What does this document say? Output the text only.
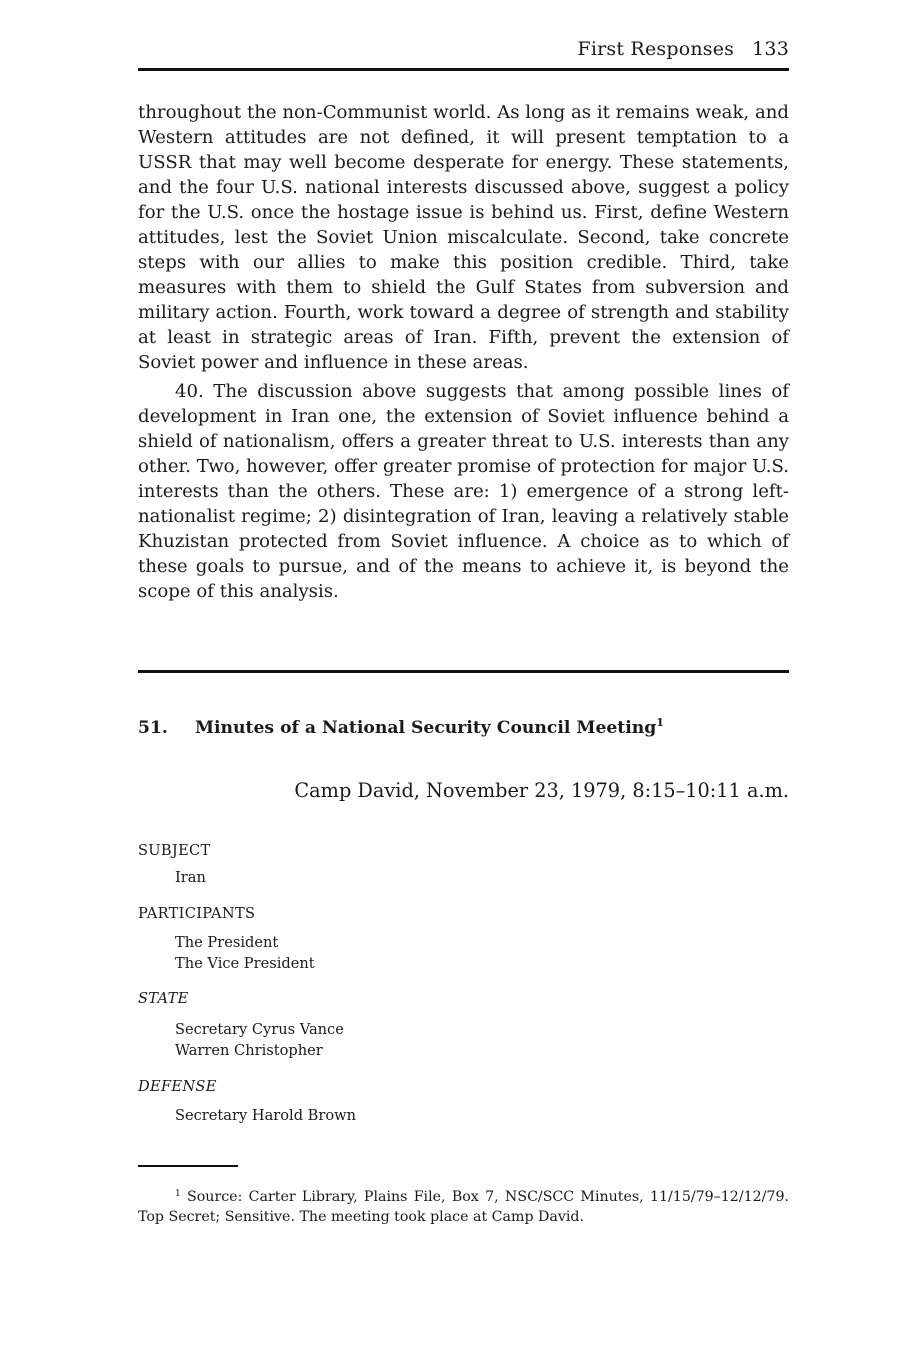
First Responses 133

throughout the non-Communist world. As long as it remains weak, and Western attitudes are not defined, it will present temptation to a USSR that may well become desperate for energy. These statements, and the four U.S. national interests discussed above, suggest a policy for the U.S. once the hostage issue is behind us. First, define Western attitudes, lest the Soviet Union miscalculate. Second, take concrete steps with our allies to make this position credible. Third, take measures with them to shield the Gulf States from subversion and military action. Fourth, work toward a degree of strength and stability at least in strategic areas of Iran. Fifth, prevent the extension of Soviet power and influence in these areas.

40. The discussion above suggests that among possible lines of development in Iran one, the extension of Soviet influence behind a shield of nationalism, offers a greater threat to U.S. interests than any other. Two, however, offer greater promise of protection for major U.S. interests than the others. These are: 1) emergence of a strong left-nationalist regime; 2) disintegration of Iran, leaving a relatively stable Khuzistan protected from Soviet influence. A choice as to which of these goals to pursue, and of the means to achieve it, is beyond the scope of this analysis.

51. Minutes of a National Security Council Meeting$^1$
Camp David, November 23, 1979, 8:15–10:11 a.m.
SUBJECT
Iran
PARTICIPANTS
The President
The Vice President
STATE
Secretary Cyrus Vance
Warren Christopher
DEFENSE
Secretary Harold Brown
$^1$ Source: Carter Library, Plains File, Box 7, NSC/SCC Minutes, 11/15/79–12/12/79. Top Secret; Sensitive. The meeting took place at Camp David.
